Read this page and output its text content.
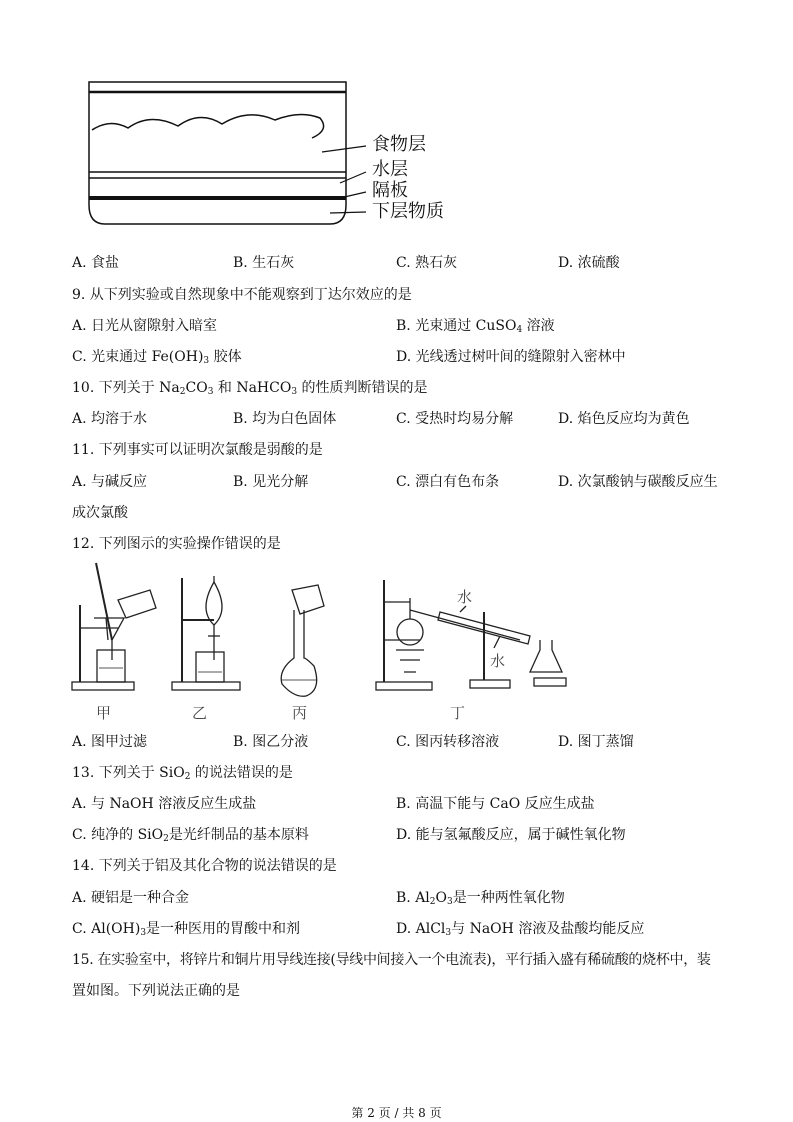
食物层
水层
隔板
下层物质
A. 食盐	B. 生石灰	C. 熟石灰	D. 浓硫酸
9. 从下列实验或自然现象中不能观察到丁达尔效应的是
A. 日光从窗隙射入暗室	B. 光束通过 CuSO$_4$ 溶液
C. 光束通过 $Fe(OH)_3$ 胶体	D. 光线透过树叶间的缝隙射入密林中
10. 下列关于 $Na_2CO_3$ 和 NaHCO$_3$ 的性质判断错误的是
A. 均溶于水	B. 均为白色固体	C. 受热时均易分解	D. 焰色反应均为黄色
11. 下列事实可以证明次氯酸是弱酸的是
A. 与碱反应	B. 见光分解	C. 漂白有色布条	D. 次氯酸钠与碳酸反应生
成次氯酸
12. 下列图示的实验操作错误的是
水
水
甲	乙	丙	丁
A. 图甲过滤	B. 图乙分液	C. 图丙转移溶液	D. 图丁蒸馏
13. 下列关于 SiO$_2$ 的说法错误的是
A. 与 NaOH 溶液反应生成盐	B. 高温下能与 CaO 反应生成盐
C. 纯净的 SiO$_2$是光纤制品的基本原料	D. 能与氢氟酸反应，属于碱性氧化物
14. 下列关于铝及其化合物的说法错误的是
A. 硬铝是一种合金	B. $Al_2O_3$是一种两性氧化物
C. $Al(OH)_3$是一种医用的胃酸中和剂	D. AlCl$_3$与 NaOH 溶液及盐酸均能反应
15. 在实验室中，将锌片和铜片用导线连接(导线中间接入一个电流表)，平行插入盛有稀硫酸的烧杯中，装
置如图。下列说法正确的是
第 2 页 / 共 8 页
